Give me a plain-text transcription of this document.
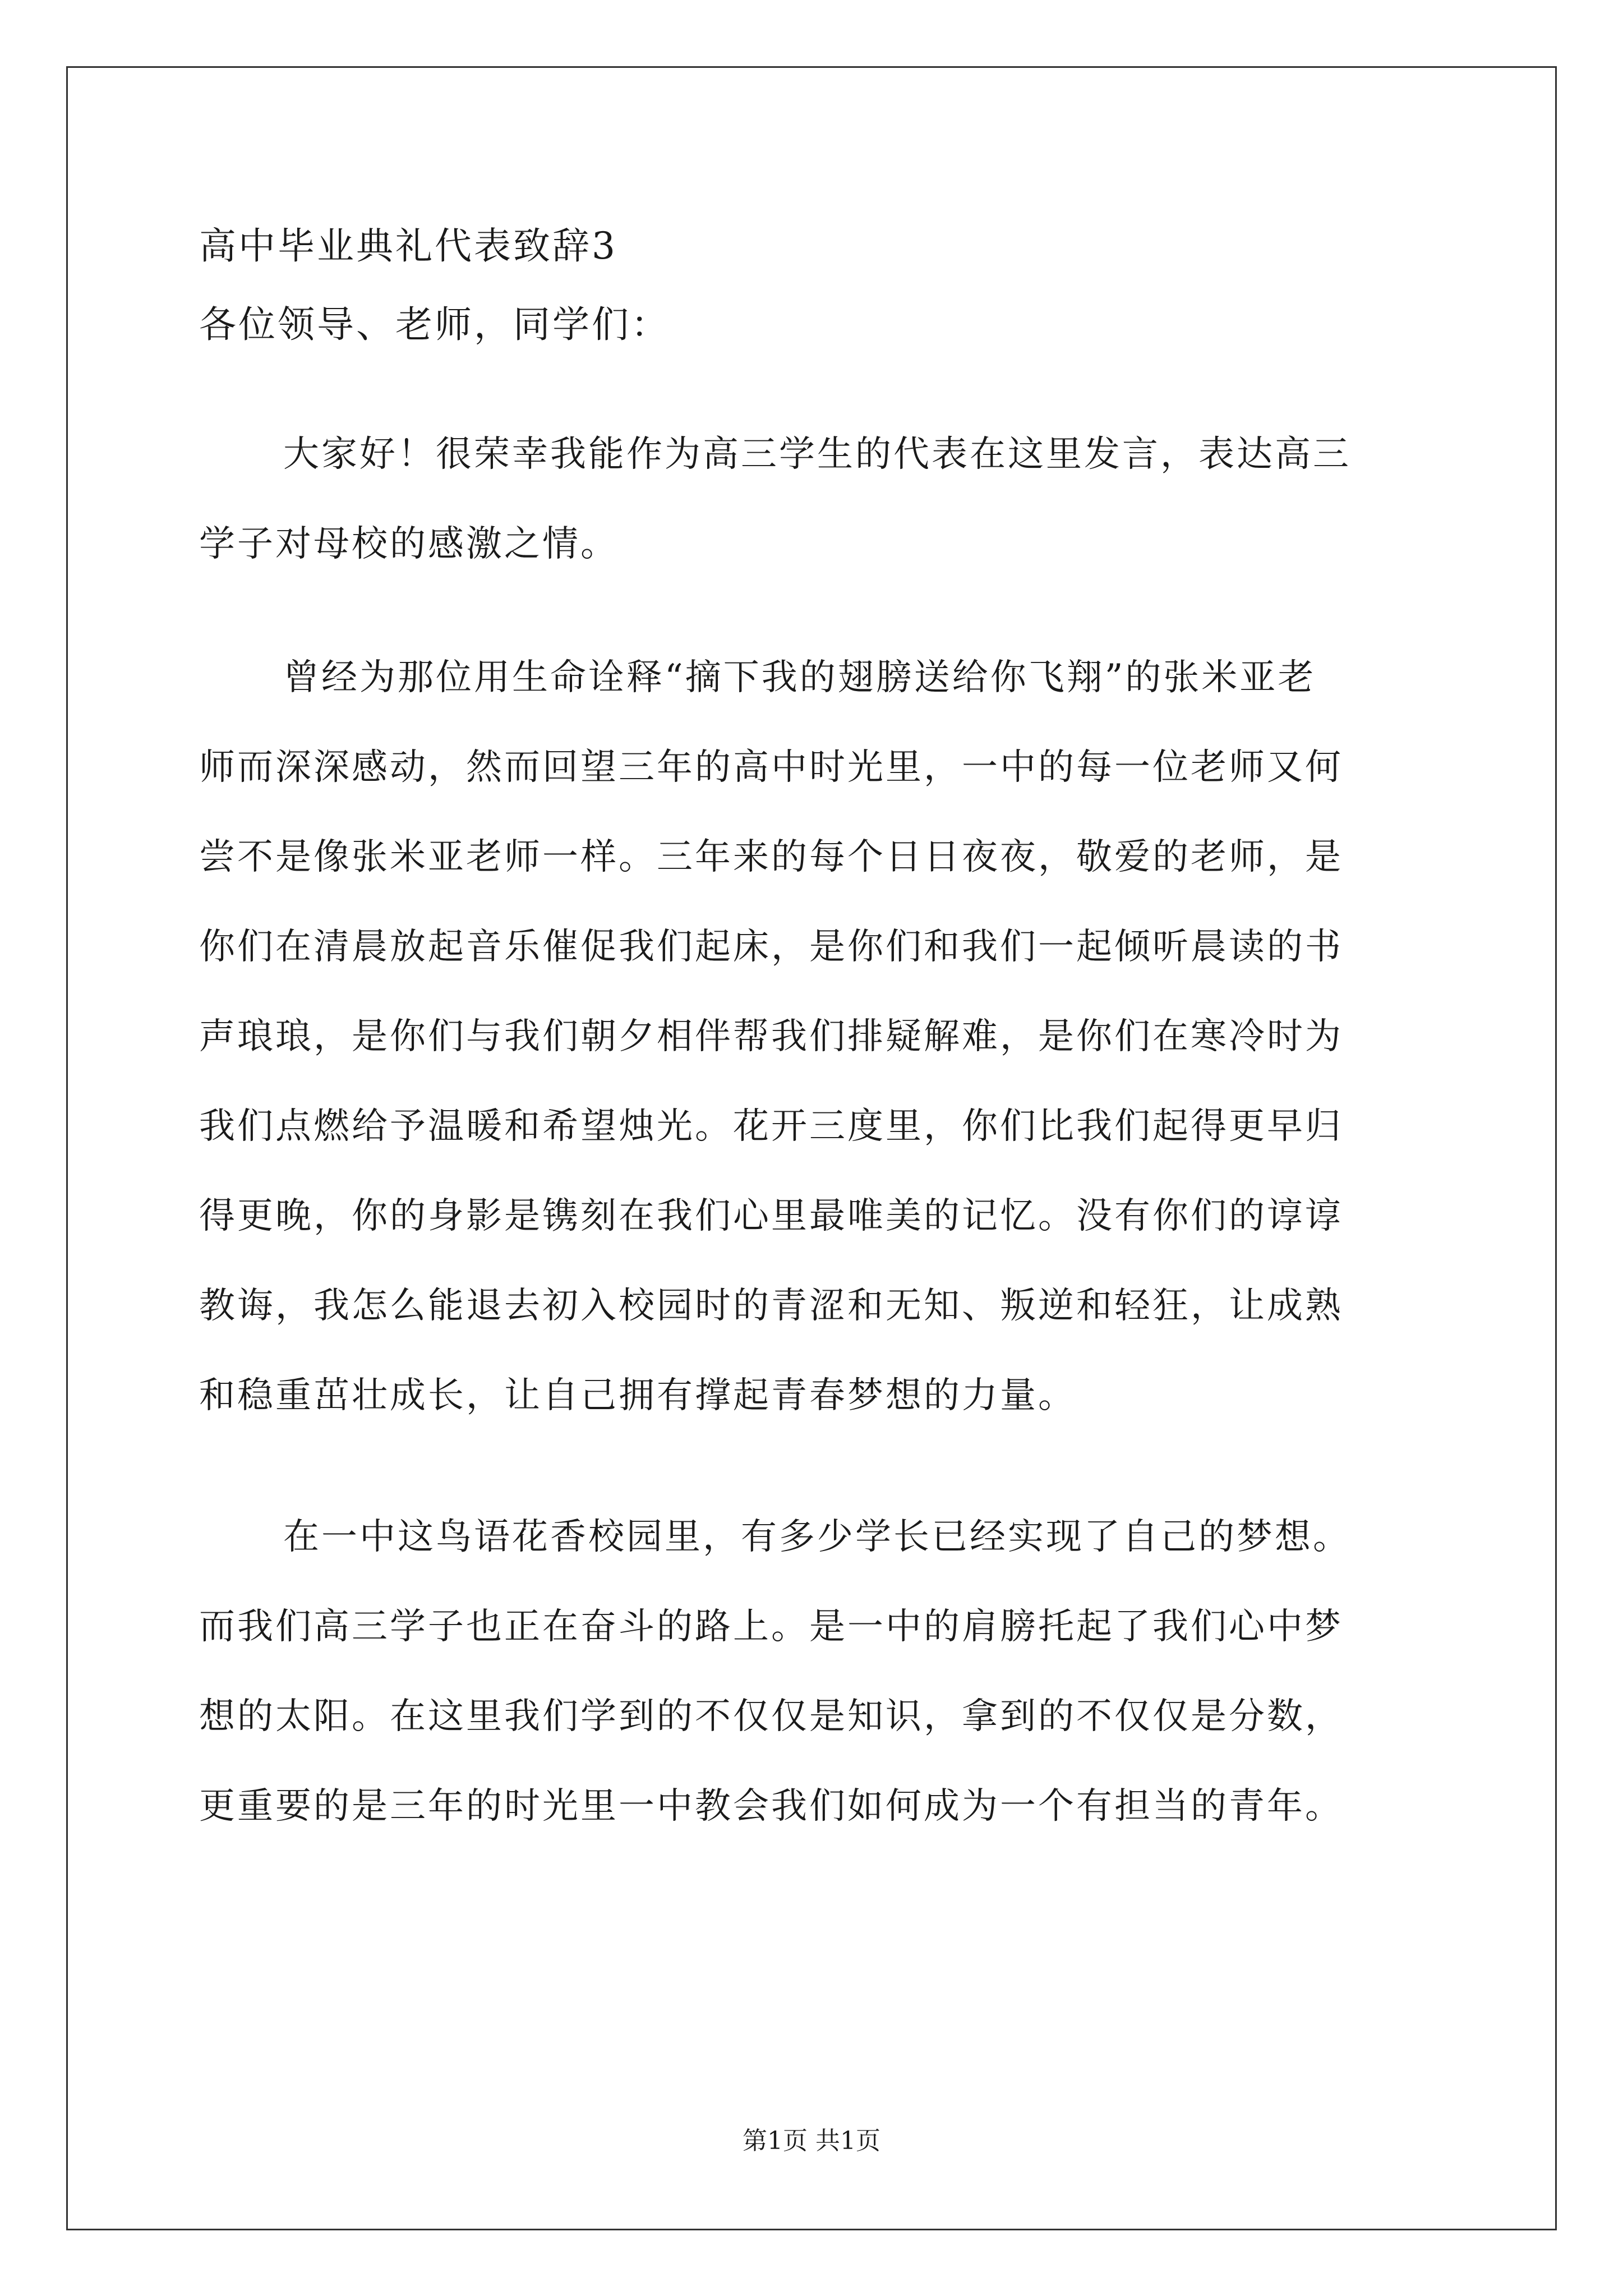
高中毕业典礼代表致辞3
各位领导、老师，同学们：
大家好！很荣幸我能作为高三学生的代表在这里发言，表达高三
学子对母校的感激之情。
曾经为那位用生命诠释“摘下我的翅膀送给你飞翔”的张米亚老
师而深深感动，然而回望三年的高中时光里，一中的每一位老师又何
尝不是像张米亚老师一样。三年来的每个日日夜夜，敬爱的老师，是
你们在清晨放起音乐催促我们起床，是你们和我们一起倾听晨读的书
声琅琅，是你们与我们朝夕相伴帮我们排疑解难，是你们在寒冷时为
我们点燃给予温暖和希望烛光。花开三度里，你们比我们起得更早归
得更晚，你的身影是镌刻在我们心里最唯美的记忆。没有你们的谆谆
教诲，我怎么能退去初入校园时的青涩和无知、叛逆和轻狂，让成熟
和稳重茁壮成长，让自己拥有撑起青春梦想的力量。
在一中这鸟语花香校园里，有多少学长已经实现了自己的梦想。
而我们高三学子也正在奋斗的路上。是一中的肩膀托起了我们心中梦
想的太阳。在这里我们学到的不仅仅是知识，拿到的不仅仅是分数，
更重要的是三年的时光里一中教会我们如何成为一个有担当的青年。
第1页 共1页
